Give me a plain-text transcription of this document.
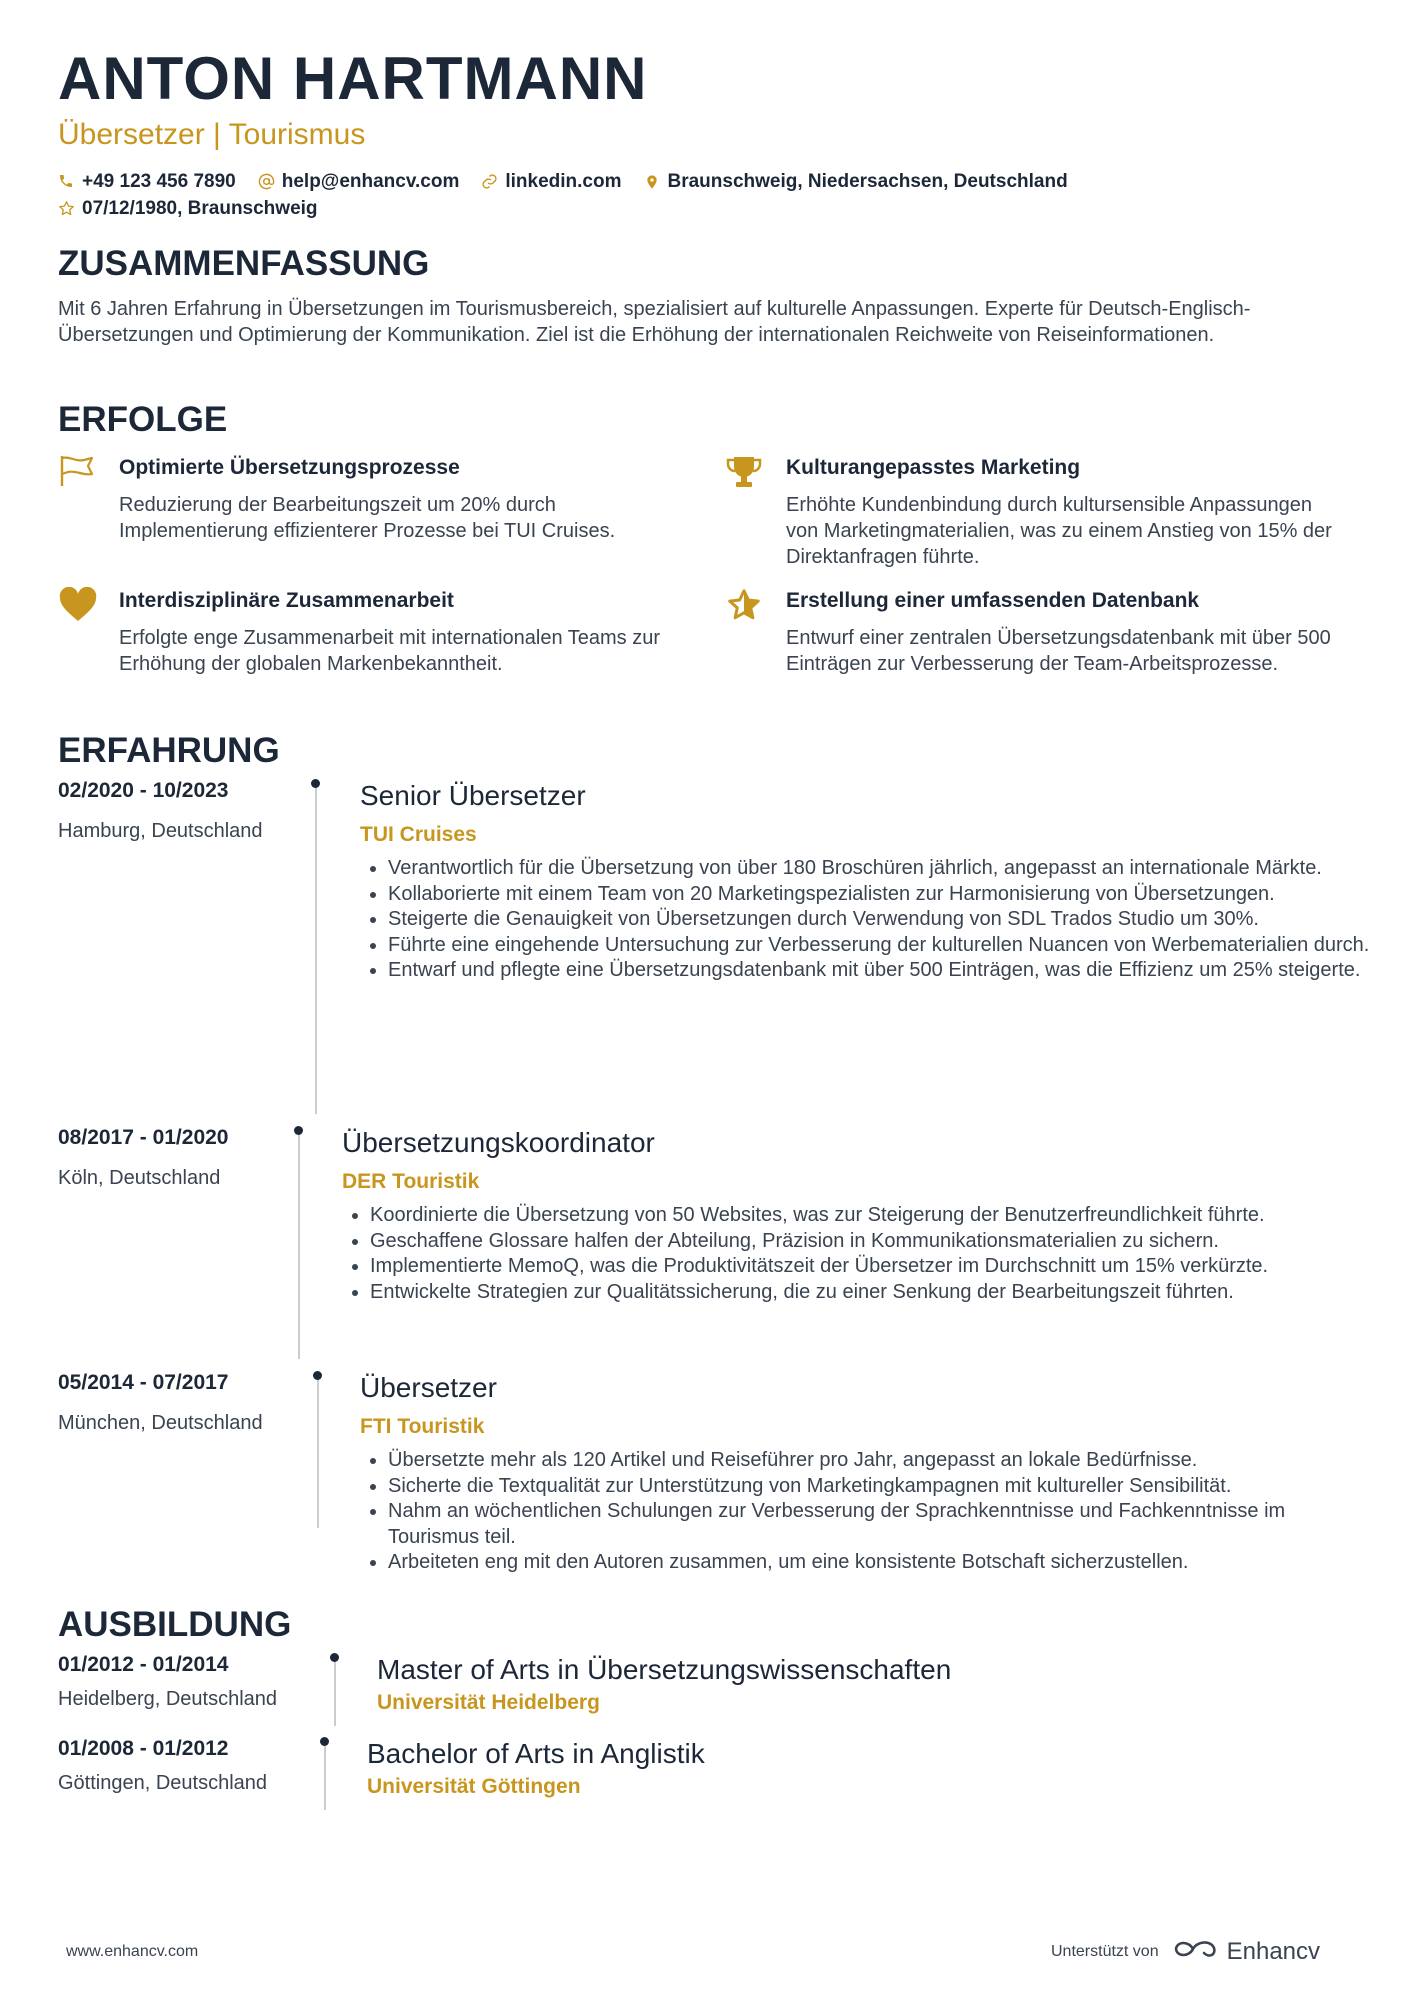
ANTON HARTMANN
Übersetzer | Tourismus
+49 123 456 7890 help@enhancv.com linkedin.com Braunschweig, Niedersachsen, Deutschland
07/12/1980, Braunschweig
ZUSAMMENFASSUNG
Mit 6 Jahren Erfahrung in Übersetzungen im Tourismusbereich, spezialisiert auf kulturelle Anpassungen. Experte für Deutsch-Englisch-Übersetzungen und Optimierung der Kommunikation. Ziel ist die Erhöhung der internationalen Reichweite von Reiseinformationen.
ERFOLGE
Optimierte Übersetzungsprozesse
Reduzierung der Bearbeitungszeit um 20% durch Implementierung effizienterer Prozesse bei TUI Cruises.
Kulturangepasstes Marketing
Erhöhte Kundenbindung durch kultursensible Anpassungen von Marketingmaterialien, was zu einem Anstieg von 15% der Direktanfragen führte.
Interdisziplinäre Zusammenarbeit
Erfolgte enge Zusammenarbeit mit internationalen Teams zur Erhöhung der globalen Markenbekanntheit.
Erstellung einer umfassenden Datenbank
Entwurf einer zentralen Übersetzungsdatenbank mit über 500 Einträgen zur Verbesserung der Team-Arbeitsprozesse.
ERFAHRUNG
02/2020 - 10/2023
Hamburg, Deutschland
Senior Übersetzer
TUI Cruises
• Verantwortlich für die Übersetzung von über 180 Broschüren jährlich, angepasst an internationale Märkte.
• Kollaborierte mit einem Team von 20 Marketingspezialisten zur Harmonisierung von Übersetzungen.
• Steigerte die Genauigkeit von Übersetzungen durch Verwendung von SDL Trados Studio um 30%.
• Führte eine eingehende Untersuchung zur Verbesserung der kulturellen Nuancen von Werbematerialien durch.
• Entwarf und pflegte eine Übersetzungsdatenbank mit über 500 Einträgen, was die Effizienz um 25% steigerte.
08/2017 - 01/2020
Köln, Deutschland
Übersetzungskoordinator
DER Touristik
• Koordinierte die Übersetzung von 50 Websites, was zur Steigerung der Benutzerfreundlichkeit führte.
• Geschaffene Glossare halfen der Abteilung, Präzision in Kommunikationsmaterialien zu sichern.
• Implementierte MemoQ, was die Produktivitätszeit der Übersetzer im Durchschnitt um 15% verkürzte.
• Entwickelte Strategien zur Qualitätssicherung, die zu einer Senkung der Bearbeitungszeit führten.
05/2014 - 07/2017
München, Deutschland
Übersetzer
FTI Touristik
• Übersetzte mehr als 120 Artikel und Reiseführer pro Jahr, angepasst an lokale Bedürfnisse.
• Sicherte die Textqualität zur Unterstützung von Marketingkampagnen mit kultureller Sensibilität.
• Nahm an wöchentlichen Schulungen zur Verbesserung der Sprachkenntnisse und Fachkenntnisse im Tourismus teil.
• Arbeiteten eng mit den Autoren zusammen, um eine konsistente Botschaft sicherzustellen.
AUSBILDUNG
01/2012 - 01/2014
Heidelberg, Deutschland
Master of Arts in Übersetzungswissenschaften
Universität Heidelberg
01/2008 - 01/2012
Göttingen, Deutschland
Bachelor of Arts in Anglistik
Universität Göttingen
www.enhancv.com	Unterstützt von	Enhancv
